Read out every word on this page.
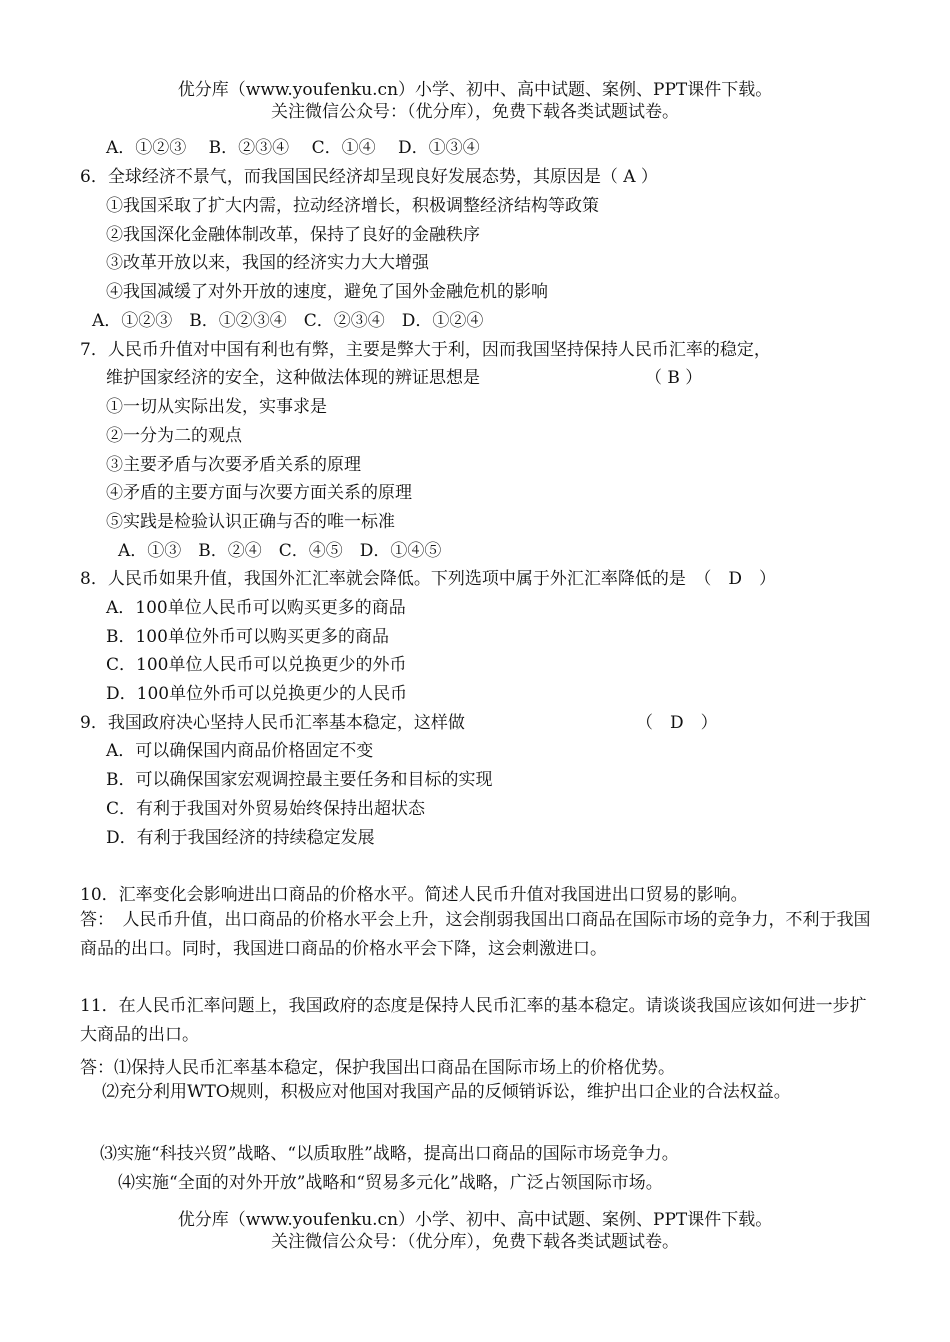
优分库（www.youfenku.cn）小学、初中、高中试题、案例、PPT课件下载。
关注微信公众号：（优分库），免费下载各类试题试卷。
A．①②③　 B．②③④　 C．①④　 D．①③④
6．全球经济不景气，而我国国民经济却呈现良好发展态势，其原因是（ A ）
①我国采取了扩大内需，拉动经济增长，积极调整经济结构等政策
②我国深化金融体制改革，保持了良好的金融秩序
③改革开放以来，我国的经济实力大大增强
④我国减缓了对外开放的速度，避免了国外金融危机的影响
A．①②③　B．①②③④　C．②③④　D．①②④
7．人民币升值对中国有利也有弊，主要是弊大于利，因而我国坚持保持人民币汇率的稳定，
维护国家经济的安全，这种做法体现的辨证思想是	（ B ）
①一切从实际出发，实事求是
②一分为二的观点
③主要矛盾与次要矛盾关系的原理
④矛盾的主要方面与次要方面关系的原理
⑤实践是检验认识正确与否的唯一标准
A．①③　B．②④　C．④⑤　D．①④⑤
8．人民币如果升值，我国外汇汇率就会降低。下列选项中属于外汇汇率降低的是　（　D　）
A．100单位人民币可以购买更多的商品
B．100单位外币可以购买更多的商品
C．100单位人民币可以兑换更少的外币
D．100单位外币可以兑换更少的人民币
9．我国政府决心坚持人民币汇率基本稳定，这样做	（　D　）
A．可以确保国内商品价格固定不变
B．可以确保国家宏观调控最主要任务和目标的实现
C．有利于我国对外贸易始终保持出超状态
D．有利于我国经济的持续稳定发展
10．汇率变化会影响进出口商品的价格水平。简述人民币升值对我国进出口贸易的影响。
答：　人民币升值，出口商品的价格水平会上升，这会削弱我国出口商品在国际市场的竞争力，不利于我国商品的出口。同时，我国进口商品的价格水平会下降，这会刺激进口。
11．在人民币汇率问题上，我国政府的态度是保持人民币汇率的基本稳定。请谈谈我国应该如何进一步扩大商品的出口。
答：⑴保持人民币汇率基本稳定，保护我国出口商品在国际市场上的价格优势。
⑵充分利用WTO规则，积极应对他国对我国产品的反倾销诉讼，维护出口企业的合法权益。
⑶实施“科技兴贸”战略、“以质取胜”战略，提高出口商品的国际市场竞争力。
⑷实施“全面的对外开放”战略和“贸易多元化”战略，广泛占领国际市场。
优分库（www.youfenku.cn）小学、初中、高中试题、案例、PPT课件下载。
关注微信公众号：（优分库），免费下载各类试题试卷。
